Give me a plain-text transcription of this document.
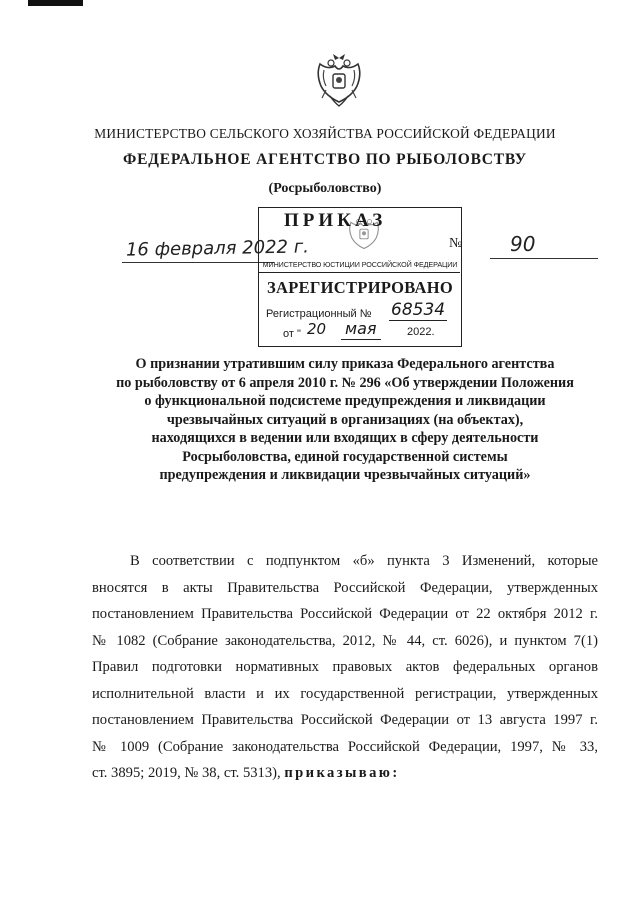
МИНИСТЕРСТВО СЕЛЬСКОГО ХОЗЯЙСТВА РОССИЙСКОЙ ФЕДЕРАЦИИ
ФЕДЕРАЛЬНОЕ АГЕНТСТВО ПО РЫБОЛОВСТВУ
(Росрыболовство)
16 февраля 2022 г.
МИНИСТЕРСТВО ЮСТИЦИИ РОССИЙСКОЙ ФЕДЕРАЦИИ
ЗАРЕГИСТРИРОВАНО
Регистрационный № 68534
от " 20 мая	2022.
ПРИКАЗ
№ 90
О признании утратившим силу приказа Федерального агентства
по рыболовству от 6 апреля 2010 г. № 296 «Об утверждении Положения
о функциональной подсистеме предупреждения и ликвидации
чрезвычайных ситуаций в организациях (на объектах),
находящихся в ведении или входящих в сферу деятельности
Росрыболовства, единой государственной системы
предупреждения и ликвидации чрезвычайных ситуаций»
В соответствии с подпунктом «б» пункта 3 Изменений, которые
вносятся в акты Правительства Российской Федерации, утвержденных
постановлением Правительства Российской Федерации от 22 октября 2012 г.
№ 1082 (Собрание законодательства, 2012, № 44, ст. 6026), и пунктом 7(1)
Правил подготовки нормативных правовых актов федеральных органов
исполнительной власти и их государственной регистрации, утвержденных
постановлением Правительства Российской Федерации от 13 августа 1997 г.
№ 1009 (Собрание законодательства Российской Федерации, 1997, № 33,
ст. 3895; 2019, № 38, ст. 5313), приказываю:
